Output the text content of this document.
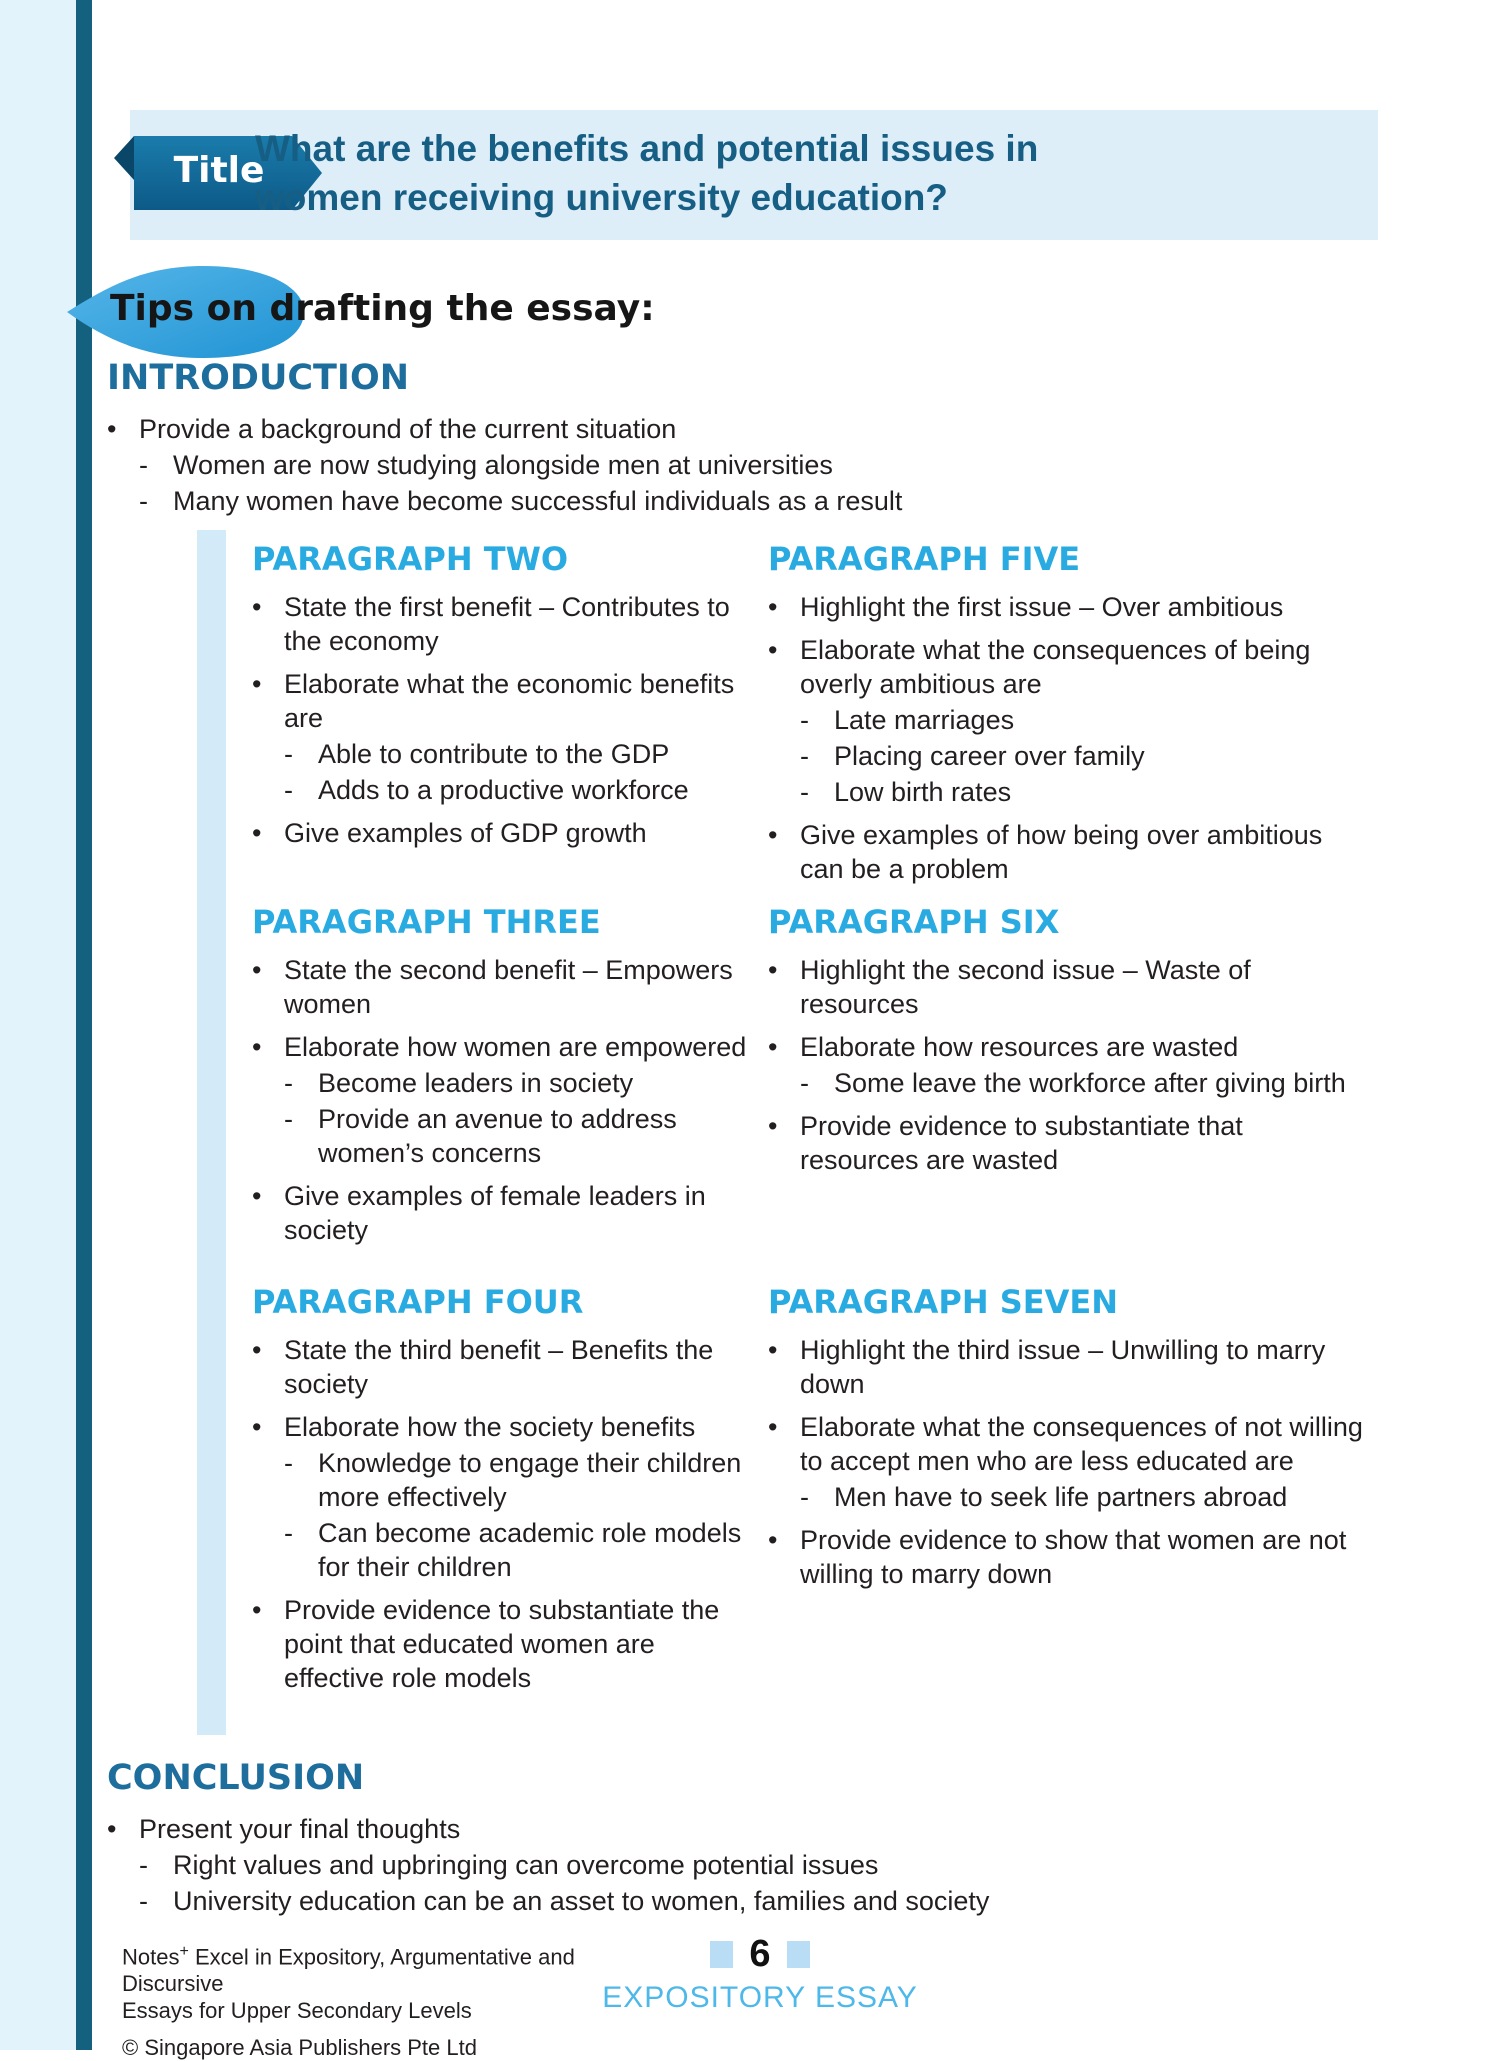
Title
What are the benefits and potential issues in
women receiving university education?
Tips on drafting the essay:
INTRODUCTION
• Provide a background of the current situation
- Women are now studying alongside men at universities
- Many women have become successful individuals as a result
PARAGRAPH TWO
• State the first benefit – Contributes to the economy
• Elaborate what the economic benefits are
- Able to contribute to the GDP
- Adds to a productive workforce
• Give examples of GDP growth
PARAGRAPH THREE
• State the second benefit – Empowers women
• Elaborate how women are empowered
- Become leaders in society
- Provide an avenue to address women’s concerns
• Give examples of female leaders in society
PARAGRAPH FOUR
• State the third benefit – Benefits the society
• Elaborate how the society benefits
- Knowledge to engage their children more effectively
- Can become academic role models for their children
• Provide evidence to substantiate the point that educated women are effective role models
PARAGRAPH FIVE
• Highlight the first issue – Over ambitious
• Elaborate what the consequences of being overly ambitious are
- Late marriages
- Placing career over family
- Low birth rates
• Give examples of how being over ambitious can be a problem
PARAGRAPH SIX
• Highlight the second issue – Waste of resources
• Elaborate how resources are wasted
- Some leave the workforce after giving birth
• Provide evidence to substantiate that resources are wasted
PARAGRAPH SEVEN
• Highlight the third issue – Unwilling to marry down
• Elaborate what the consequences of not willing to accept men who are less educated are
- Men have to seek life partners abroad
• Provide evidence to show that women are not willing to marry down
CONCLUSION
• Present your final thoughts
- Right values and upbringing can overcome potential issues
- University education can be an asset to women, families and society
Notes+ Excel in Expository, Argumentative and Discursive
Essays for Upper Secondary Levels
© Singapore Asia Publishers Pte Ltd
6
EXPOSITORY ESSAY
